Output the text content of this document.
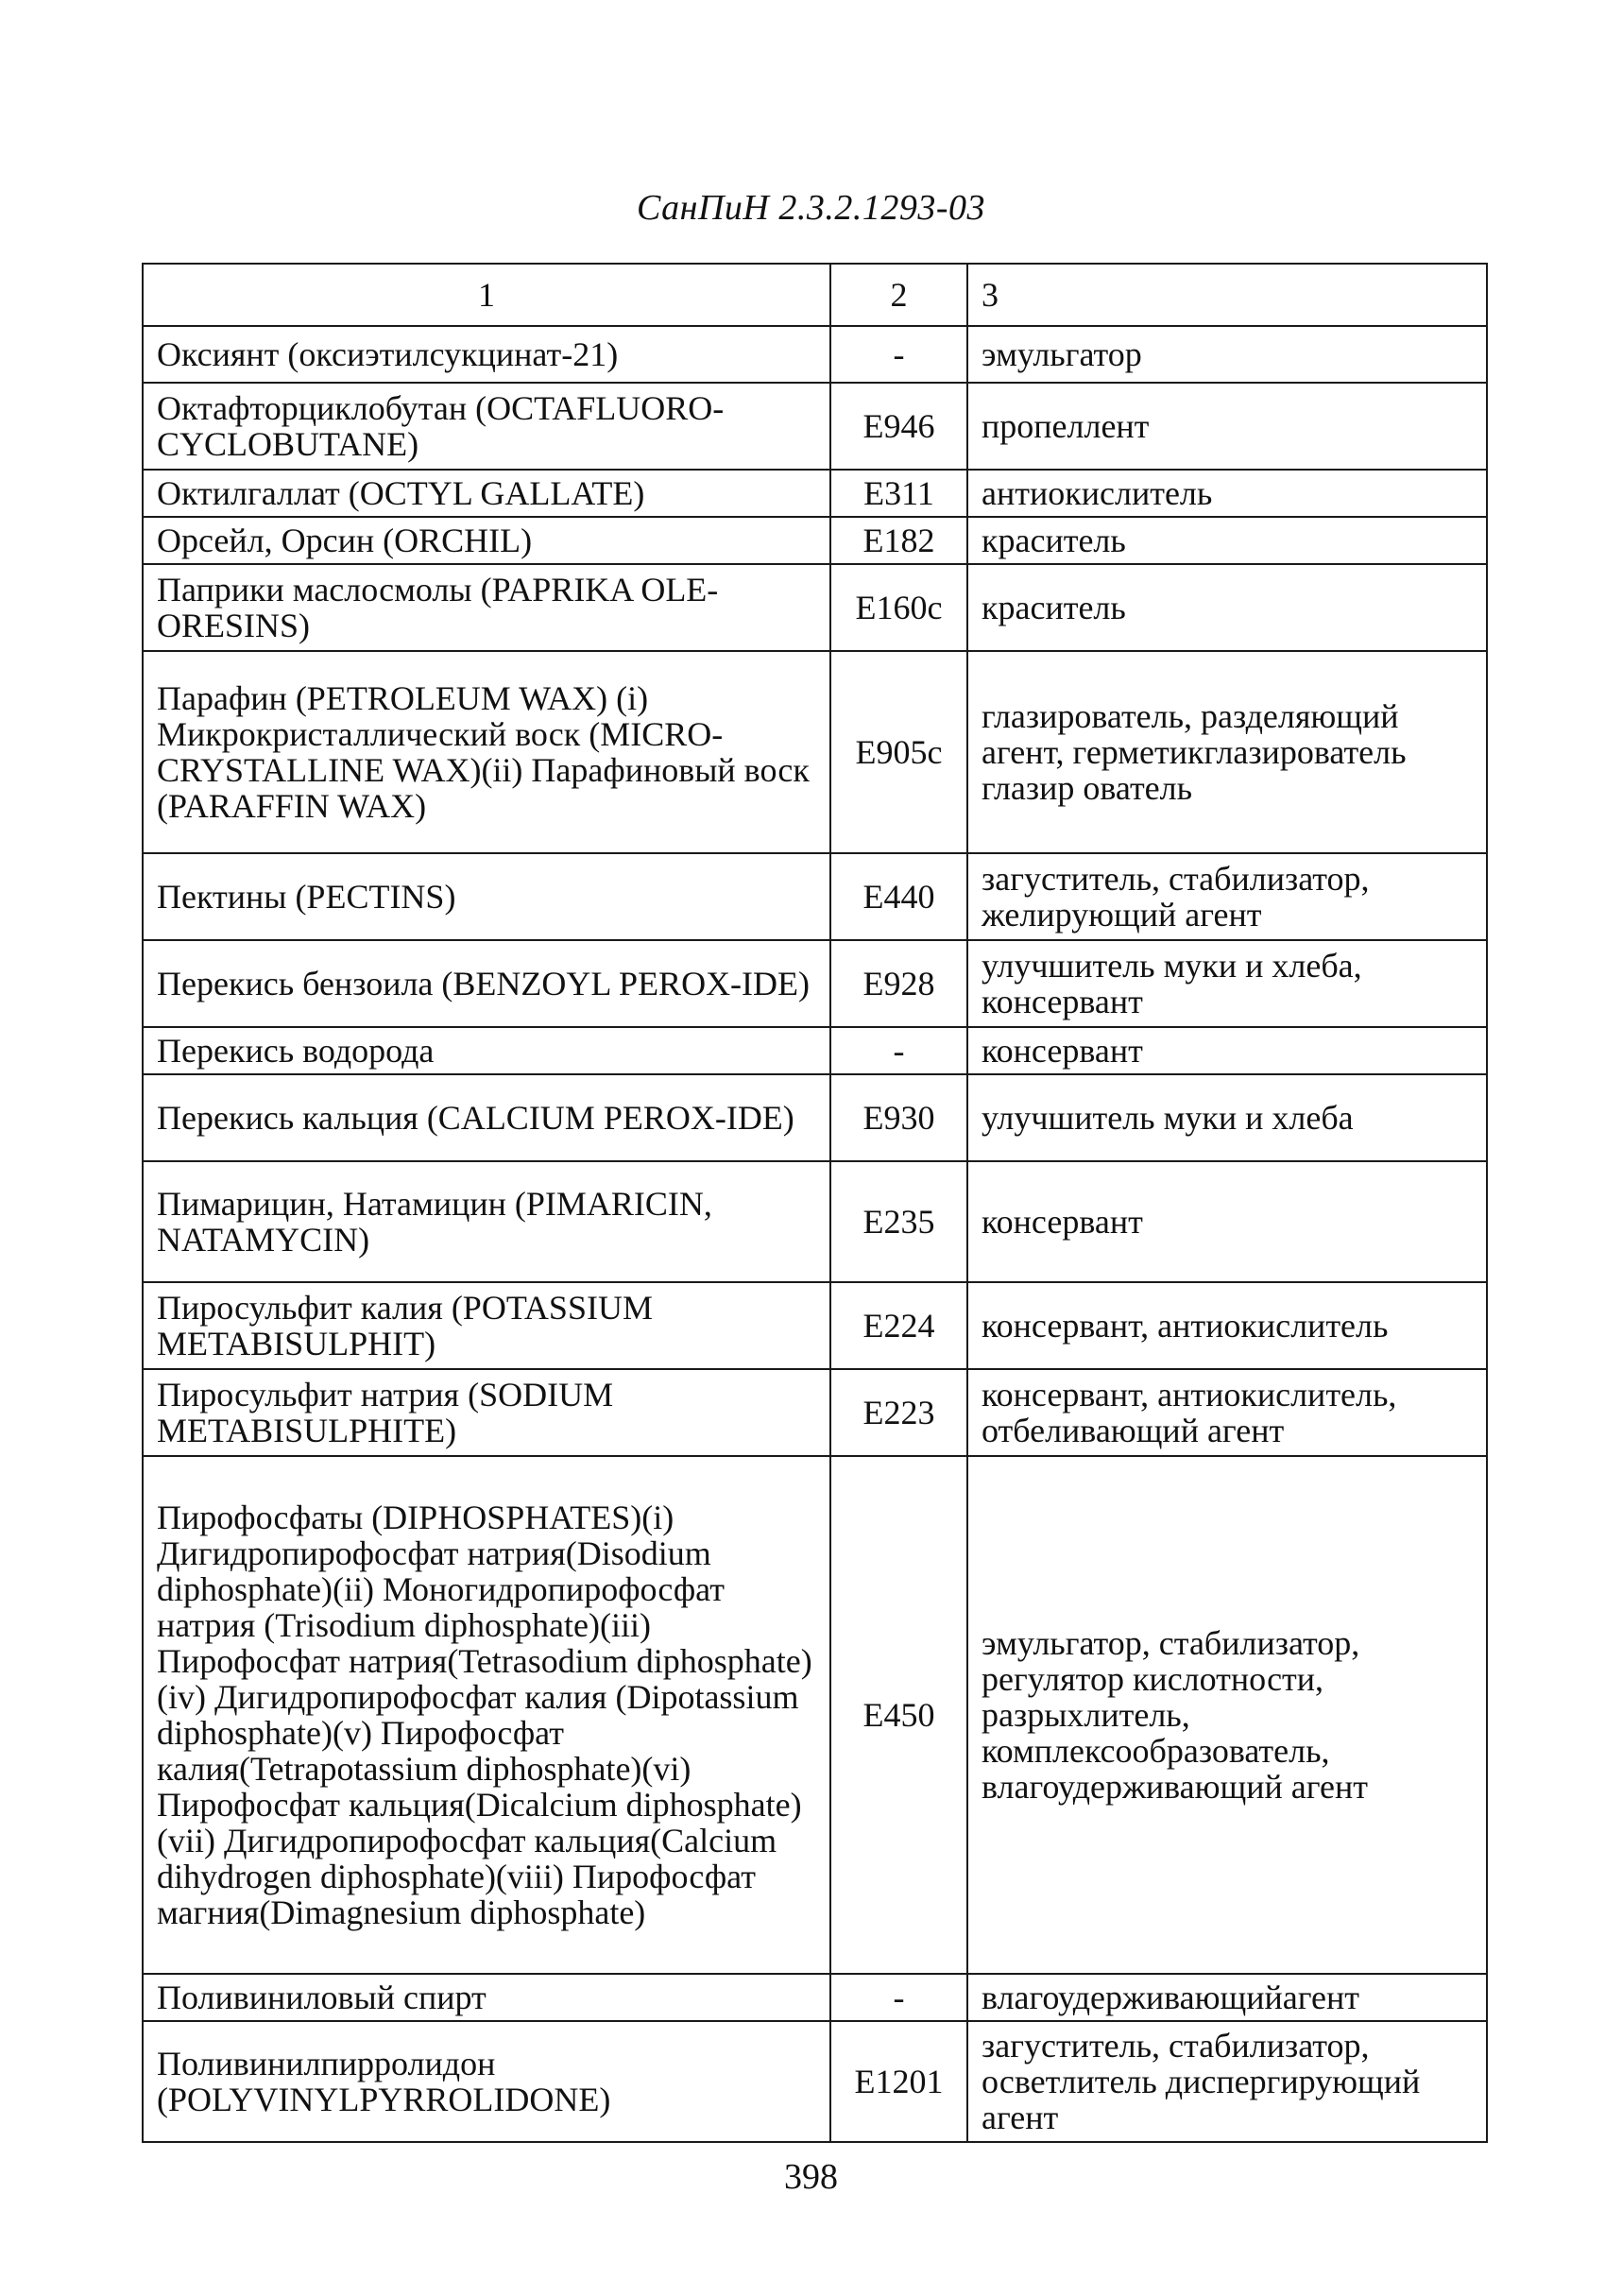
СанПиН 2.3.2.1293-03
1	2	3
Оксиянт (оксиэтилсукцинат-21)	-	эмульгатор
Октафторциклобутан (OCTAFLUORO-CYCLOBUTANE)	E946	пропеллент
Октилгаллат (OCTYL GALLATE)	E311	антиокислитель
Орсейл, Орсин (ORCHIL)	E182	краситель
Паприки маслосмолы (PAPRIKA OLE-ORESINS)	E160c	краситель
Парафин (PETROLEUM WAX) (i) Микрокристаллический воск (MICRO-CRYSTALLINE WAX)(ii) Парафиновый воск (PARAFFIN WAX)	E905c	глазирователь, разделяющий агент, герметикглазирователь глазир ователь
Пектины (PECTINS)	E440	загуститель, стабилизатор, желирующий агент
Перекись бензоила (BENZOYL PEROX-IDE)	E928	улучшитель муки и хлеба, консервант
Перекись водорода	-	консервант
Перекись кальция (CALCIUM PEROX-IDE)	E930	улучшитель муки и хлеба
Пимарицин, Натамицин (PIMARICIN, NATAMYCIN)	E235	консервант
Пиросульфит калия (POTASSIUM METABISULPHIT)	E224	консервант, антиокислитель
Пиросульфит натрия (SODIUM METABISULPHITE)	E223	консервант, антиокислитель, отбеливающий агент
Пирофосфаты (DIPHOSPHATES)(i) Дигидропирофосфат натрия(Disodium diphosphate)(ii) Моногидропирофосфат натрия (Trisodium diphosphate)(iii) Пирофосфат натрия(Tetrasodium diphosphate) (iv) Дигидропирофосфат калия (Dipotassium diphosphate)(v) Пирофосфат калия(Tetrapotassium diphosphate)(vi) Пирофосфат кальция(Dicalcium diphosphate)(vii) Дигидропирофосфат кальция(Calcium dihydrogen diphosphate)(viii) Пирофосфат магния(Dimagnesium diphosphate)	E450	эмульгатор, стабилизатор, регулятор кислотности, разрыхлитель, комплексообразователь, влагоудерживающий агент
Поливиниловый спирт	-	влагоудерживающийагент
Поливинилпирролидон (POLYVINYLPYRROLIDONE)	E1201	загуститель, стабилизатор, осветлитель диспергирующий агент
398
